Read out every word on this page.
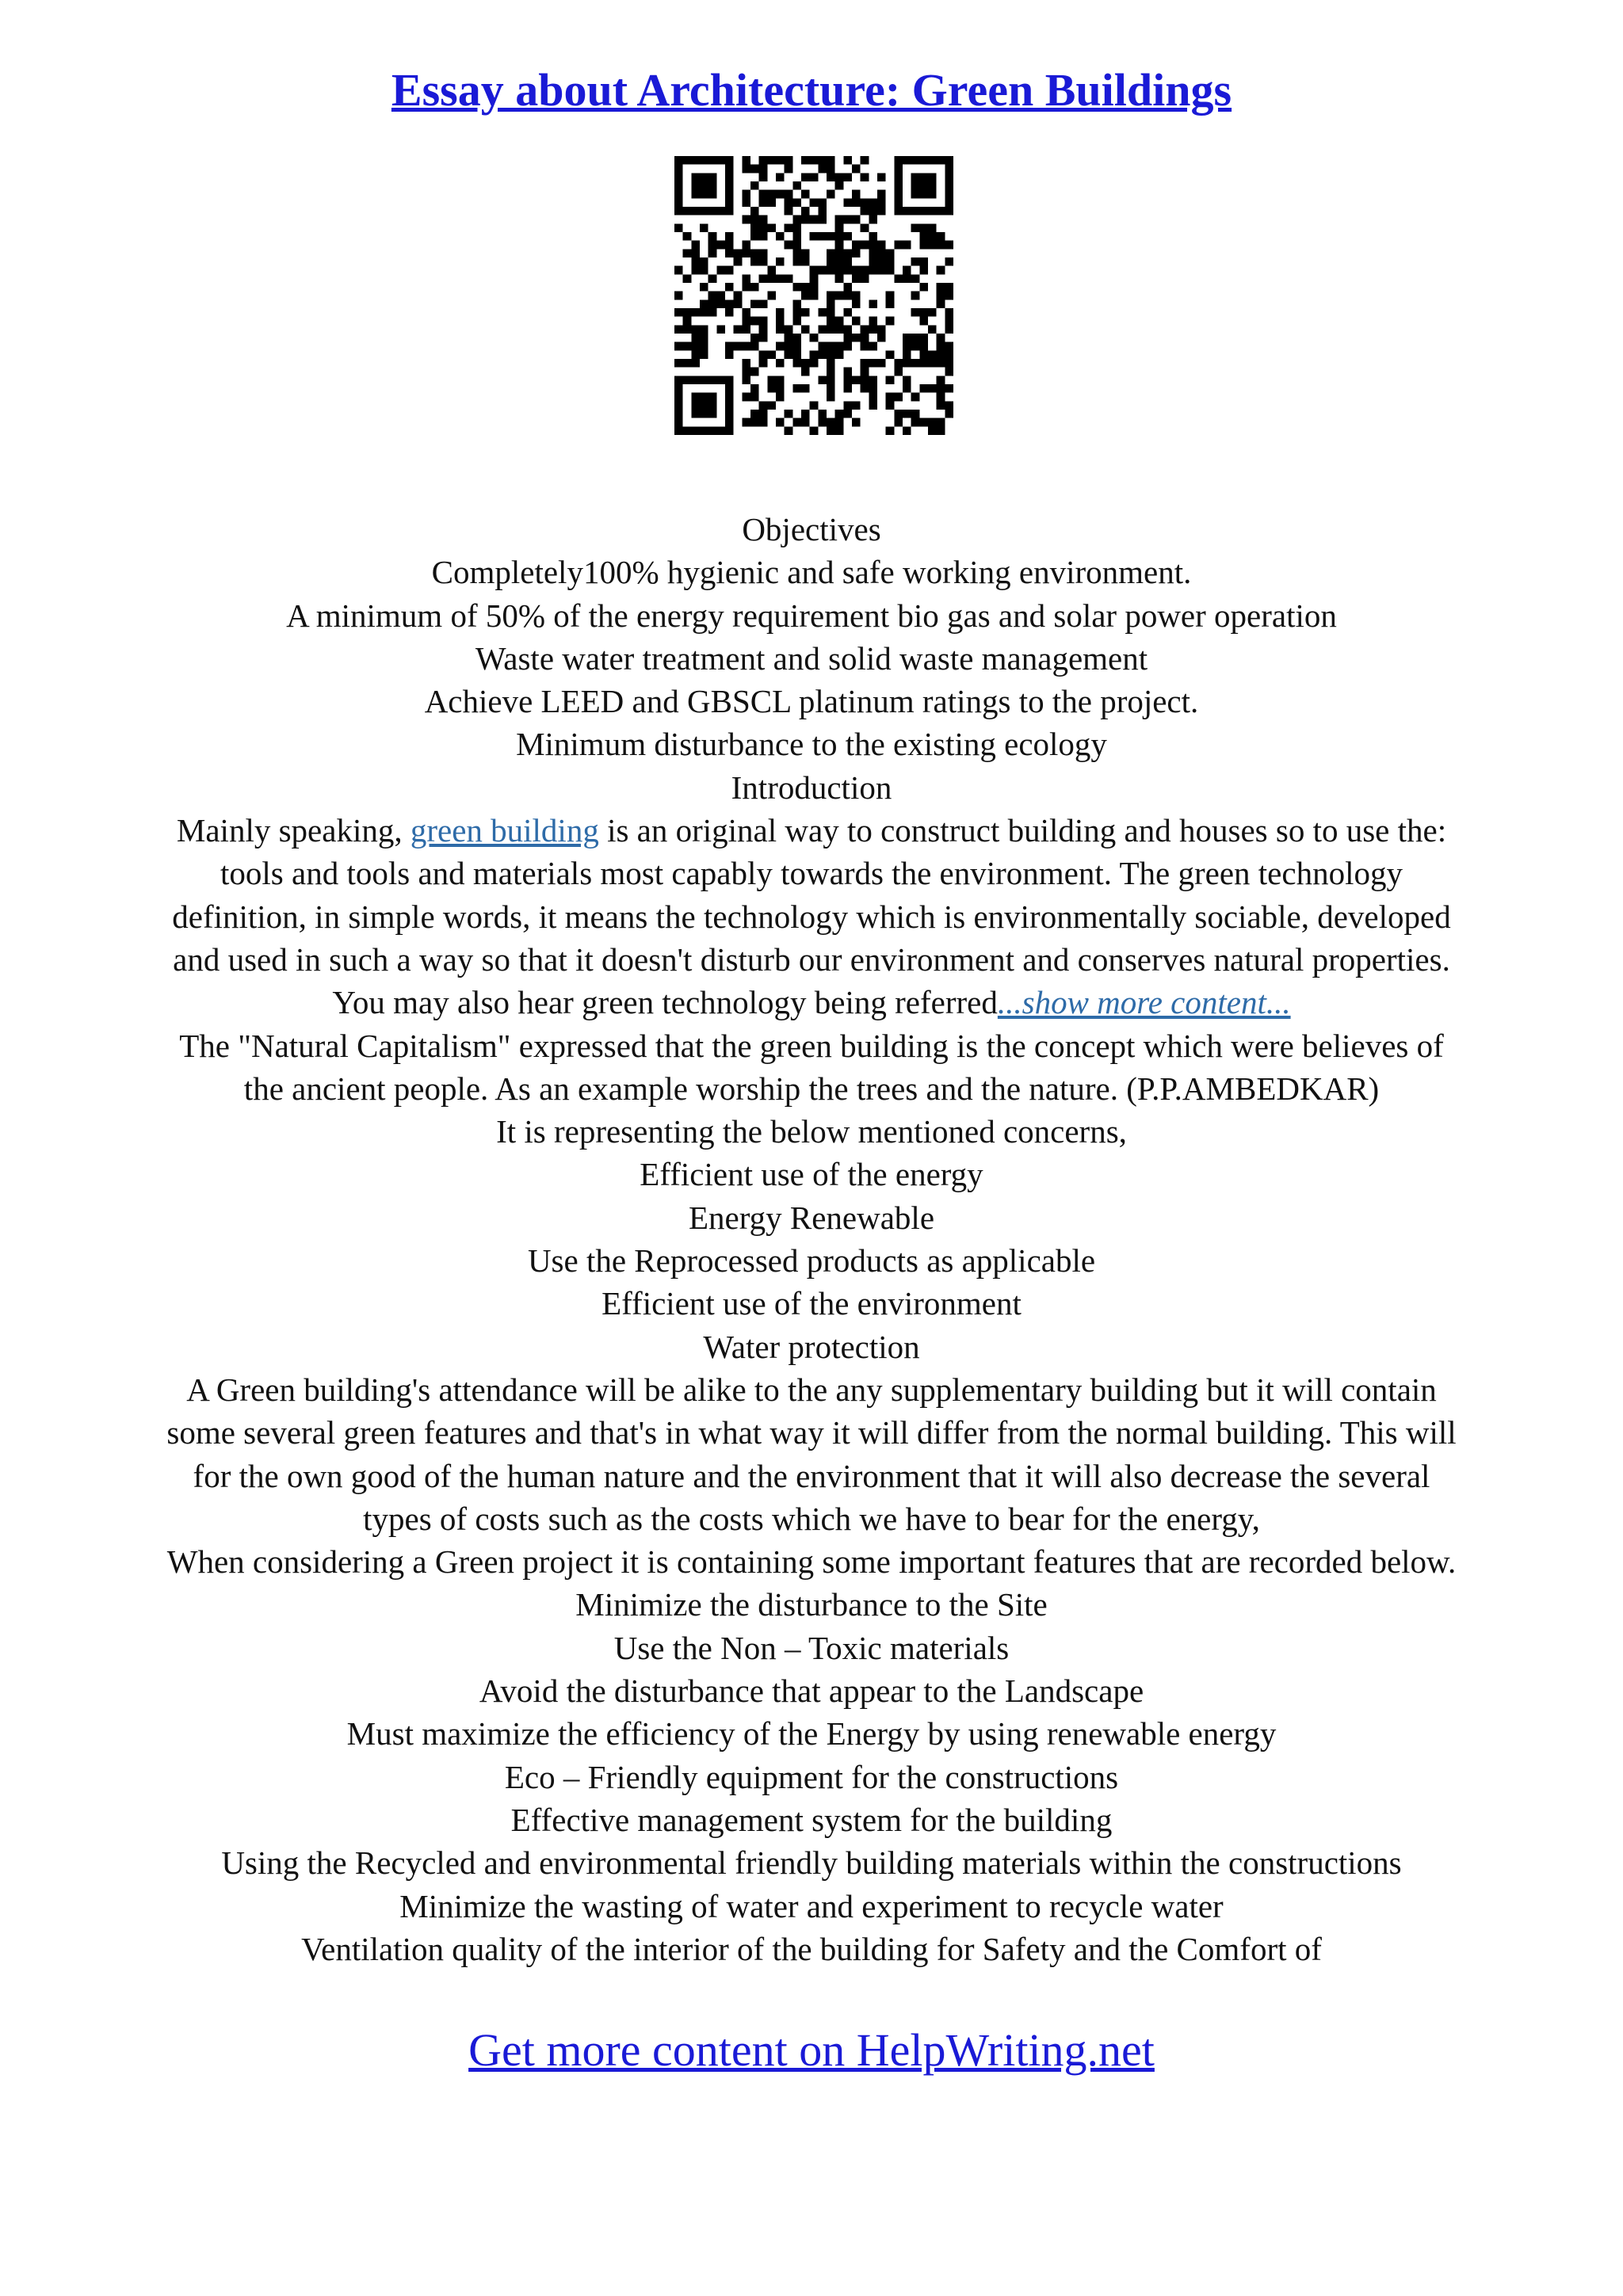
Essay about Architecture: Green Buildings

Objectives

Completely100% hygienic and safe working environment.

A minimum of 50% of the energy requirement bio gas and solar power operation

Waste water treatment and solid waste management

Achieve LEED and GBSCL platinum ratings to the project.

Minimum disturbance to the existing ecology

Introduction

Mainly speaking, green building is an original way to construct building and houses so to use the:

tools and tools and materials most capably towards the environment. The green technology

definition, in simple words, it means the technology which is environmentally sociable, developed

and used in such a way so that it doesn't disturb our environment and conserves natural properties.

You may also hear green technology being referred...show more content...

The "Natural Capitalism" expressed that the green building is the concept which were believes of

the ancient people. As an example worship the trees and the nature. (P.P.AMBEDKAR)

It is representing the below mentioned concerns,

Efficient use of the energy

Energy Renewable

Use the Reprocessed products as applicable

Efficient use of the environment

Water protection

A Green building's attendance will be alike to the any supplementary building but it will contain

some several green features and that's in what way it will differ from the normal building. This will

for the own good of the human nature and the environment that it will also decrease the several

types of costs such as the costs which we have to bear for the energy,

When considering a Green project it is containing some important features that are recorded below.

Minimize the disturbance to the Site

Use the Non – Toxic materials

Avoid the disturbance that appear to the Landscape

Must maximize the efficiency of the Energy by using renewable energy

Eco – Friendly equipment for the constructions

Effective management system for the building

Using the Recycled and environmental friendly building materials within the constructions

Minimize the wasting of water and experiment to recycle water

Ventilation quality of the interior of the building for Safety and the Comfort of

Get more content on HelpWriting.net
